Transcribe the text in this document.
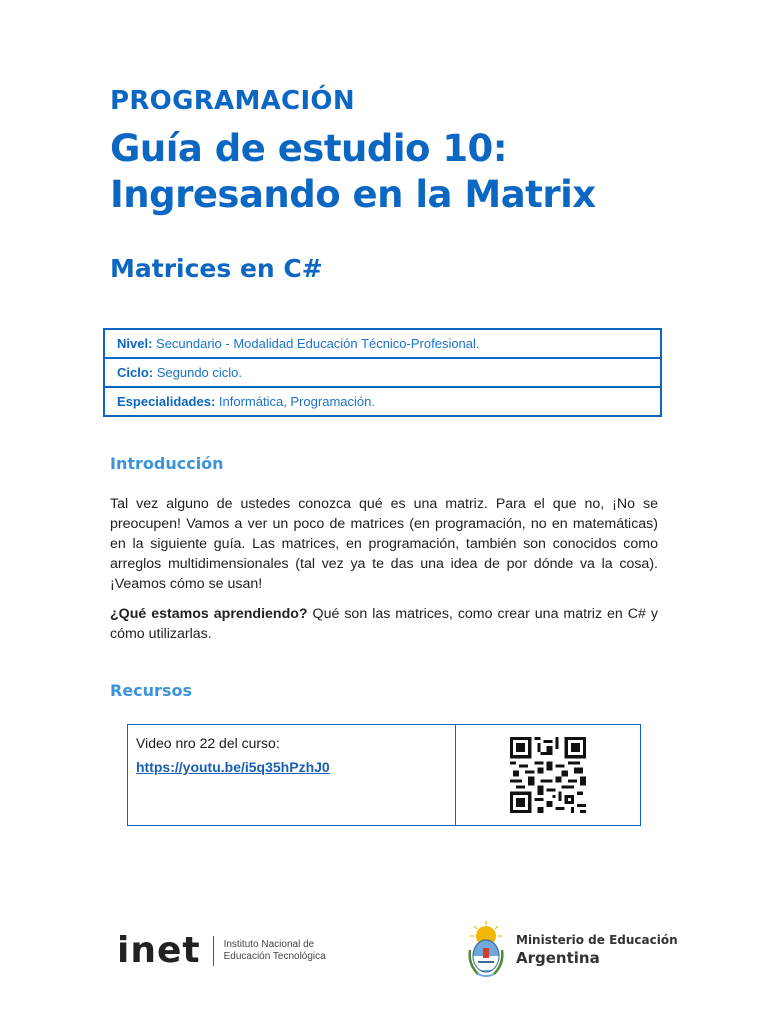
PROGRAMACIÓN
Guía de estudio 10:
Ingresando en la Matrix
Matrices en C#
Nivel: Secundario - Modalidad Educación Técnico-Profesional.
Ciclo: Segundo ciclo.
Especialidades: Informática, Programación.
Introducción
Tal vez alguno de ustedes conozca qué es una matriz. Para el que no, ¡No se preocupen! Vamos a ver un poco de matrices (en programación, no en matemáticas) en la siguiente guía. Las matrices, en programación, también son conocidos como arreglos multidimensionales (tal vez ya te das una idea de por dónde va la cosa). ¡Veamos cómo se usan!
¿Qué estamos aprendiendo? Qué son las matrices, como crear una matriz en C# y cómo utilizarlas.
Recursos
Video nro 22 del curso:
https://youtu.be/i5q35hPzhJ0
inet Instituto Nacional de
Educación Tecnológica
Ministerio de Educación
Argentina
